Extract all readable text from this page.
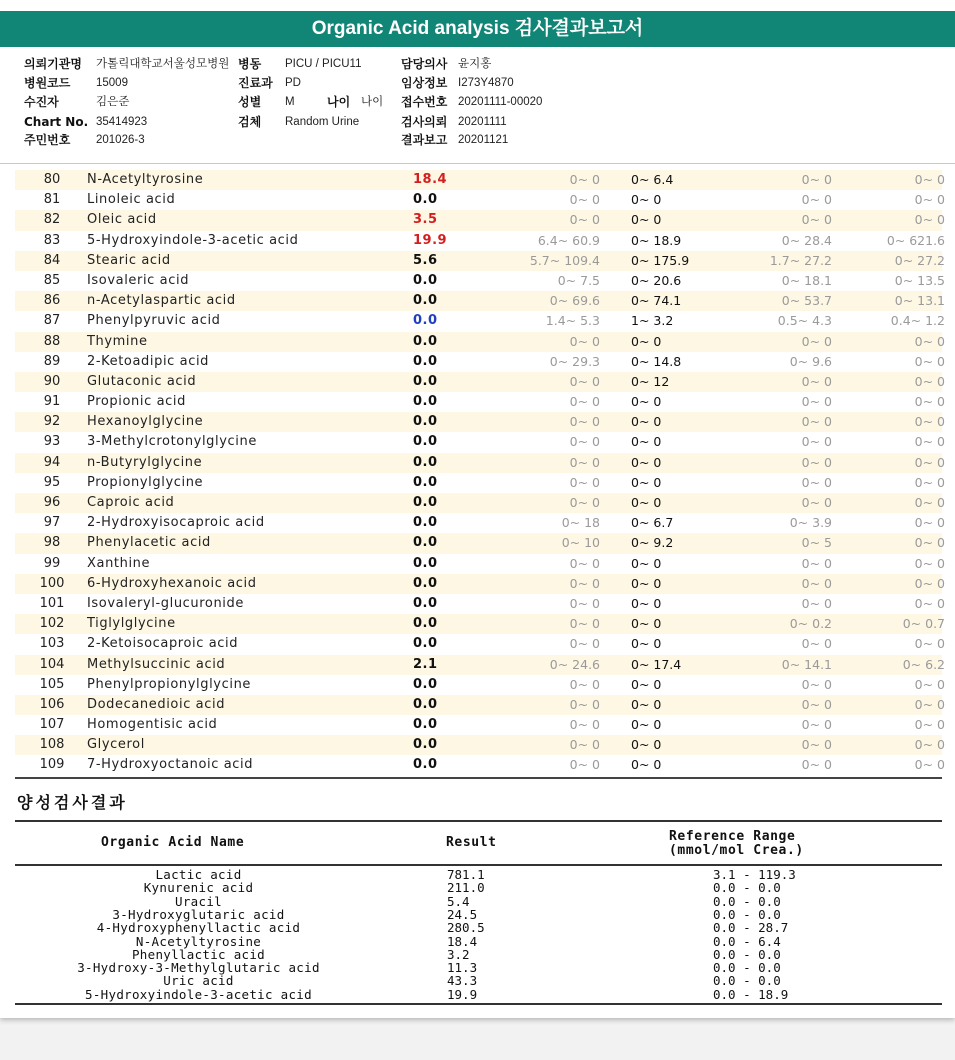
Organic Acid analysis 검사결과보고서
의뢰기관명 가톨릭대학교서울성모병원 병동 PICU / PICU11	담당의사 윤지홍
병원코드 15009	진료과 PD	임상정보 I273Y4870
수진자	김은준	성별 M	나이 나이 접수번호 20201111-00020
Chart No. 35414923	검체 Random Urine	검사의뢰 20201111
주민번호 201026-3	결과보고 20201121
80	N-Acetyltyrosine	18.4	0~ 0 0~ 6.4	0~ 0	0~ 0
81	Linoleic acid	0.0	0~ 0 0~ 0	0~ 0	0~ 0
82	Oleic acid	3.5	0~ 0 0~ 0	0~ 0	0~ 0
83	5-Hydroxyindole-3-acetic acid	19.9	6.4~ 60.9 0~ 18.9	0~ 28.4	0~ 621.6
84	Stearic acid	5.6	5.7~ 109.4 0~ 175.9	1.7~ 27.2	0~ 27.2
85	Isovaleric acid	0.0	0~ 7.5 0~ 20.6	0~ 18.1	0~ 13.5
86	n-Acetylaspartic acid	0.0	0~ 69.6 0~ 74.1	0~ 53.7	0~ 13.1
87	Phenylpyruvic acid	0.0	1.4~ 5.3 1~ 3.2	0.5~ 4.3	0.4~ 1.2
88	Thymine	0.0	0~ 0 0~ 0	0~ 0	0~ 0
89	2-Ketoadipic acid	0.0	0~ 29.3 0~ 14.8	0~ 9.6	0~ 0
90	Glutaconic acid	0.0	0~ 0 0~ 12	0~ 0	0~ 0
91	Propionic acid	0.0	0~ 0 0~ 0	0~ 0	0~ 0
92	Hexanoylglycine	0.0	0~ 0 0~ 0	0~ 0	0~ 0
93	3-Methylcrotonylglycine	0.0	0~ 0 0~ 0	0~ 0	0~ 0
94	n-Butyrylglycine	0.0	0~ 0 0~ 0	0~ 0	0~ 0
95	Propionylglycine	0.0	0~ 0 0~ 0	0~ 0	0~ 0
96	Caproic acid	0.0	0~ 0 0~ 0	0~ 0	0~ 0
97	2-Hydroxyisocaproic acid	0.0	0~ 18 0~ 6.7	0~ 3.9	0~ 0
98	Phenylacetic acid	0.0	0~ 10 0~ 9.2	0~ 5	0~ 0
99	Xanthine	0.0	0~ 0 0~ 0	0~ 0	0~ 0
100 6-Hydroxyhexanoic acid	0.0	0~ 0 0~ 0	0~ 0	0~ 0
101 Isovaleryl-glucuronide	0.0	0~ 0 0~ 0	0~ 0	0~ 0
102 Tiglylglycine	0.0	0~ 0 0~ 0	0~ 0.2	0~ 0.7
103 2-Ketoisocaproic acid	0.0	0~ 0 0~ 0	0~ 0	0~ 0
104 Methylsuccinic acid	2.1	0~ 24.6 0~ 17.4	0~ 14.1	0~ 6.2
105 Phenylpropionylglycine	0.0	0~ 0 0~ 0	0~ 0	0~ 0
106 Dodecanedioic acid	0.0	0~ 0 0~ 0	0~ 0	0~ 0
107 Homogentisic acid	0.0	0~ 0 0~ 0	0~ 0	0~ 0
108 Glycerol	0.0	0~ 0 0~ 0	0~ 0	0~ 0
109 7-Hydroxyoctanoic acid	0.0	0~ 0 0~ 0	0~ 0	0~ 0
양성검사결과
Organic Acid Name	Result	Reference Range
(mmol/mol Crea.)
Lactic acid	781.1	3.1 - 119.3
Kynurenic acid	211.0	0.0 - 0.0
Uracil	5.4	0.0 - 0.0
3-Hydroxyglutaric acid	24.5	0.0 - 0.0
4-Hydroxyphenyllactic acid	280.5	0.0 - 28.7
N-Acetyltyrosine	18.4	0.0 - 6.4
Phenyllactic acid	3.2	0.0 - 0.0
3-Hydroxy-3-Methylglutaric acid	11.3	0.0 - 0.0
Uric acid	43.3	0.0 - 0.0
5-Hydroxyindole-3-acetic acid	19.9	0.0 - 18.9
